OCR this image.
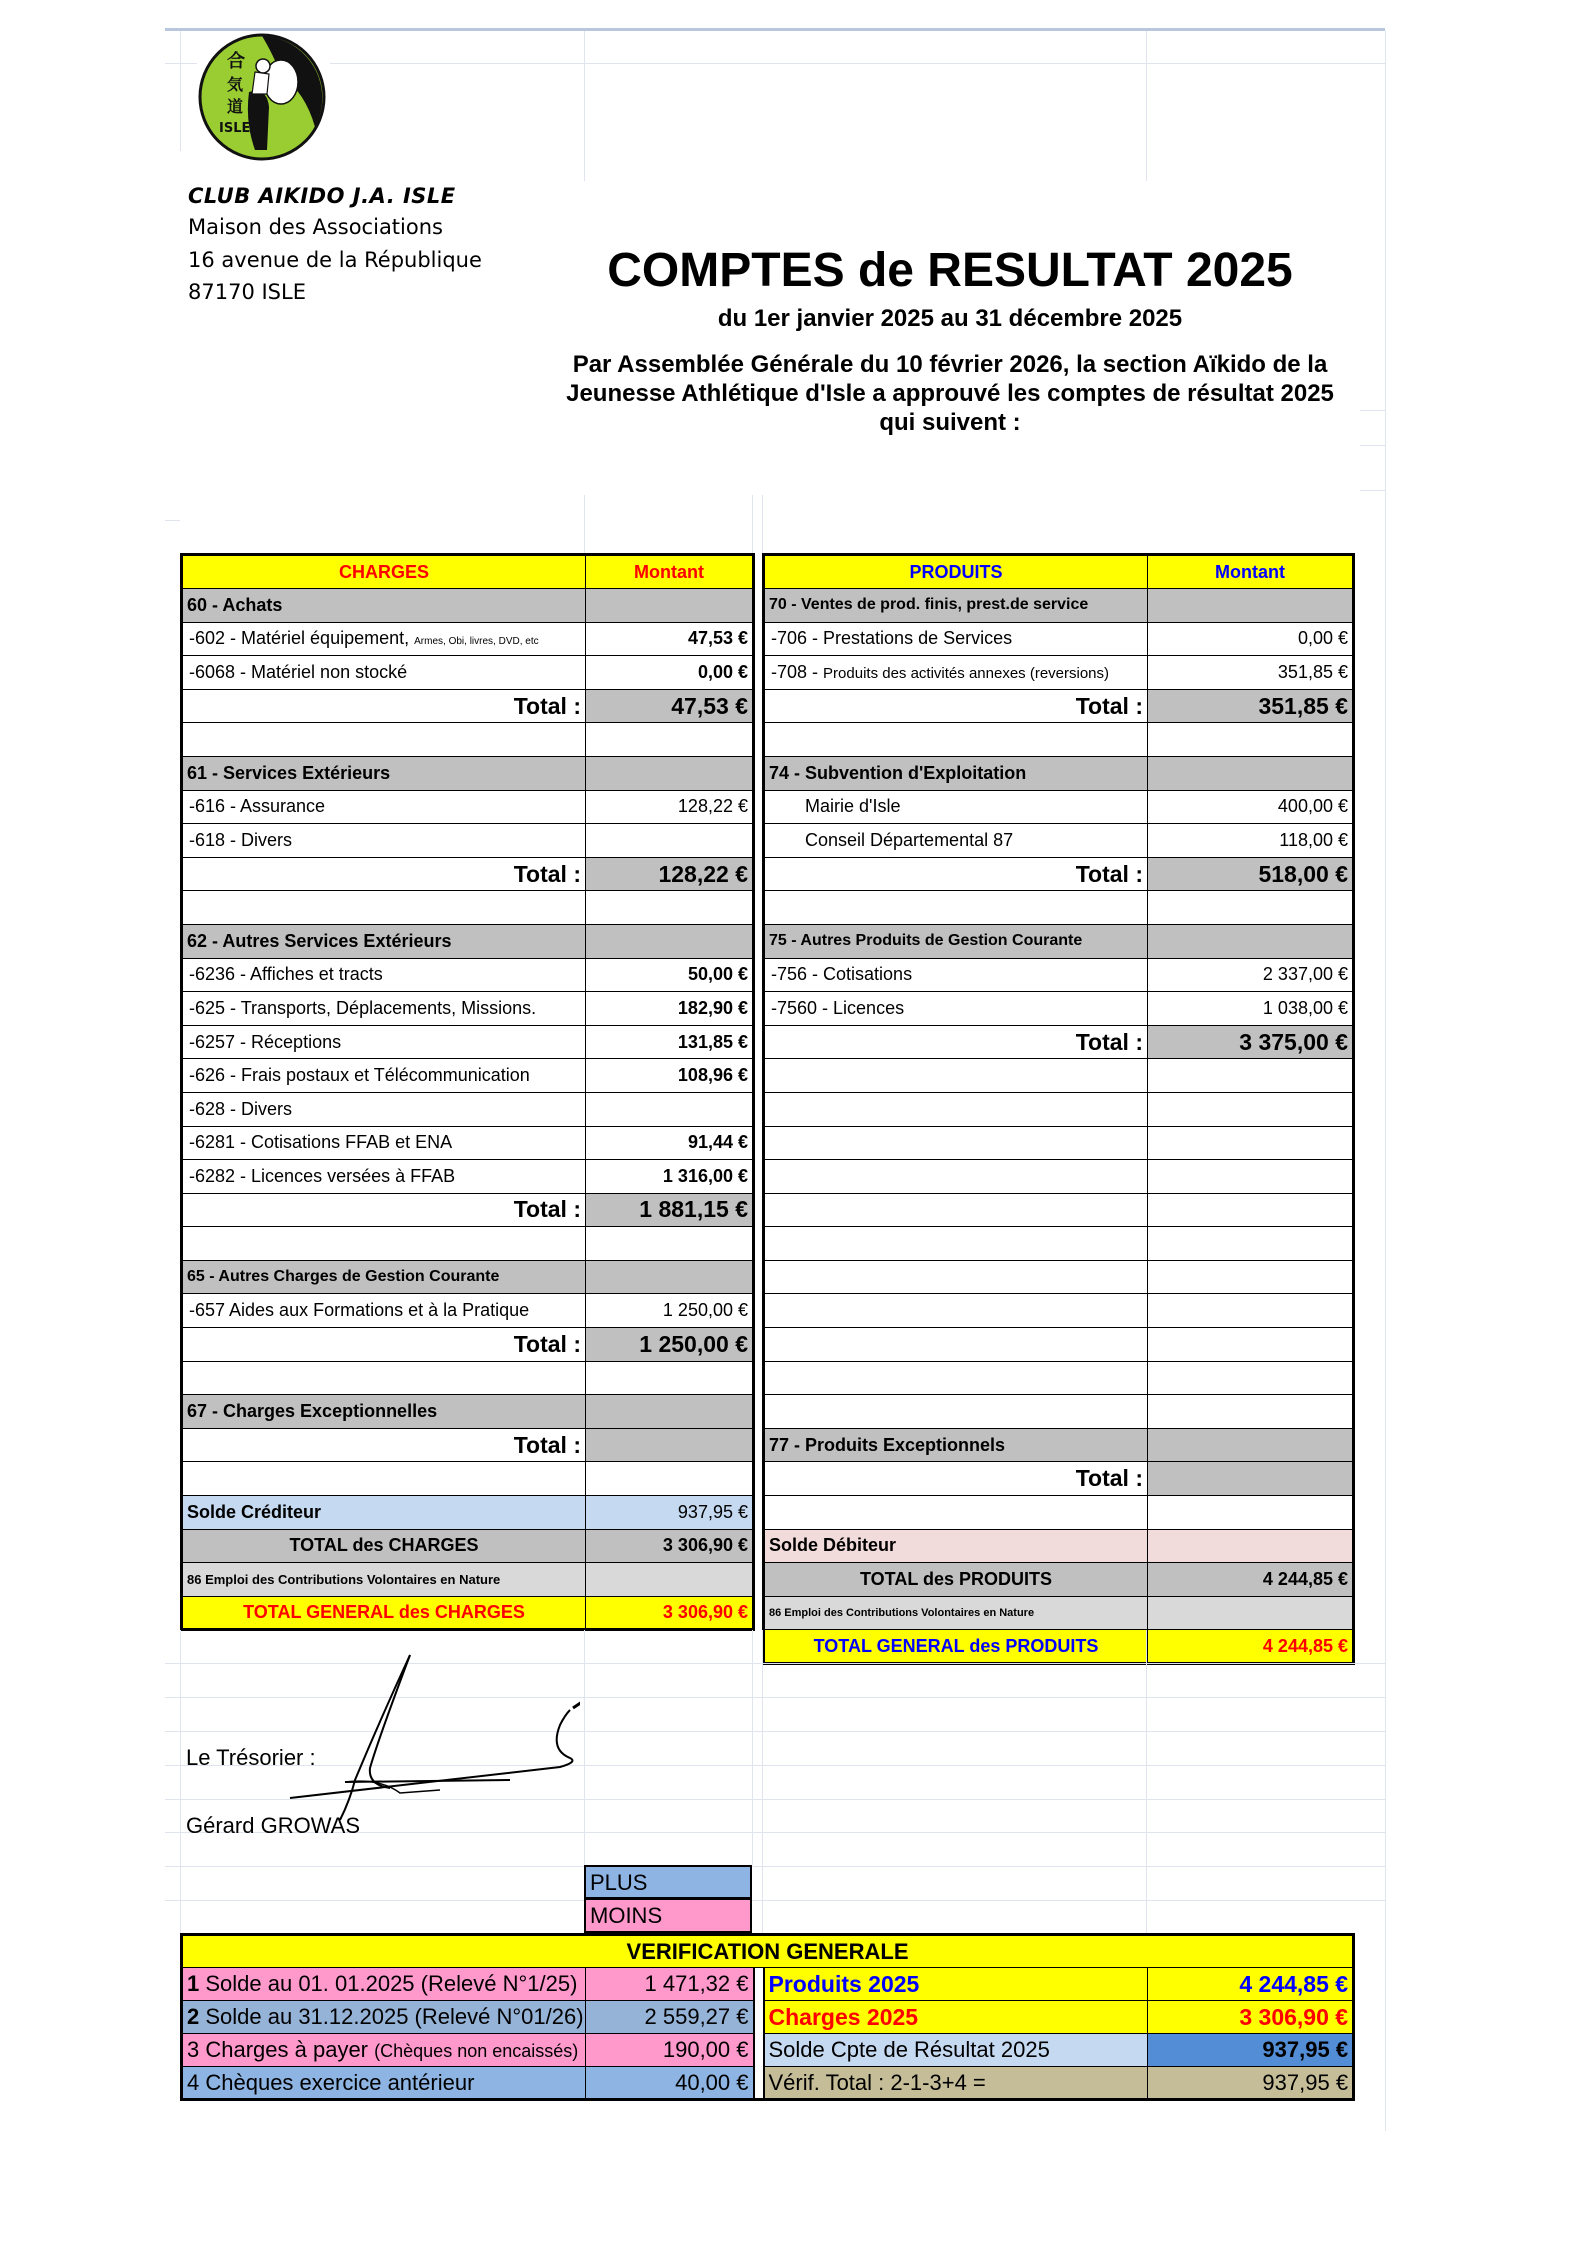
合
気
道
ISLE
CLUB AIKIDO J.A. ISLE
Maison des Associations
16 avenue de la République
87170 ISLE	COMPTES de RESULTAT 2025
du 1er janvier 2025 au 31 décembre 2025
Par Assemblée Générale du 10 février 2026, la section Aïkido de la
Jeunesse Athlétique d'Isle a approuvé les comptes de résultat 2025
qui suivent :
CHARGES	Montant
60 - Achats	
-602 - Matériel équipement, Armes, Obi, livres, DVD, etc	47,53 €
-6068 - Matériel non stocké	0,00 €
Total :	47,53 €

61 - Services Extérieurs	
-616 - Assurance	128,22 €
-618 - Divers	
Total :	128,22 €

62 - Autres Services Extérieurs	
-6236 - Affiches et tracts	50,00 €
-625 - Transports, Déplacements, Missions.	182,90 €
-6257 - Réceptions	131,85 €
-626 - Frais postaux et Télécommunication	108,96 €
-628 - Divers	
-6281 - Cotisations FFAB et ENA	91,44 €
-6282 - Licences versées à FFAB	1 316,00 €
Total :	1 881,15 €

65 - Autres Charges de Gestion Courante	
-657 Aides aux Formations et à la Pratique	1 250,00 €
Total :	1 250,00 €

67 - Charges Exceptionnelles	
Total :	

Solde Créditeur	937,95 €
TOTAL des CHARGES	3 306,90 €
86 Emploi des Contributions Volontaires en Nature	
TOTAL GENERAL des CHARGES	3 306,90 €
PRODUITS	Montant
70 - Ventes de prod. finis, prest.de service	
-706 - Prestations de Services	0,00 €
-708 - Produits des activités annexes (reversions)	351,85 €
Total :	351,85 €

74 - Subvention d'Exploitation	
Mairie d'Isle	400,00 €
Conseil Départemental 87	118,00 €
Total :	518,00 €

75 - Autres Produits de Gestion Courante	
-756 - Cotisations	2 337,00 €
-7560 - Licences	1 038,00 €
Total :	3 375,00 €

77 - Produits Exceptionnels	
Total :	

Solde Débiteur	
TOTAL des PRODUITS	4 244,85 €
86 Emploi des Contributions Volontaires en Nature	
TOTAL GENERAL des PRODUITS	4 244,85 €
Le Trésorier :
Gérard GROWAS
PLUS
MOINS
VERIFICATION GENERALE				
1 Solde au 01. 01.2025 (Relevé N°1/25)	1 471,32 €		Produits 2025	4 244,85 €
2 Solde au 31.12.2025 (Relevé N°01/26)	2 559,27 €		Charges 2025	3 306,90 €
3 Charges à payer (Chèques non encaissés)	190,00 €		Solde Cpte de Résultat 2025	937,95 €
4 Chèques exercice antérieur	40,00 €		Vérif. Total : 2-1-3+4 =	937,95 €
